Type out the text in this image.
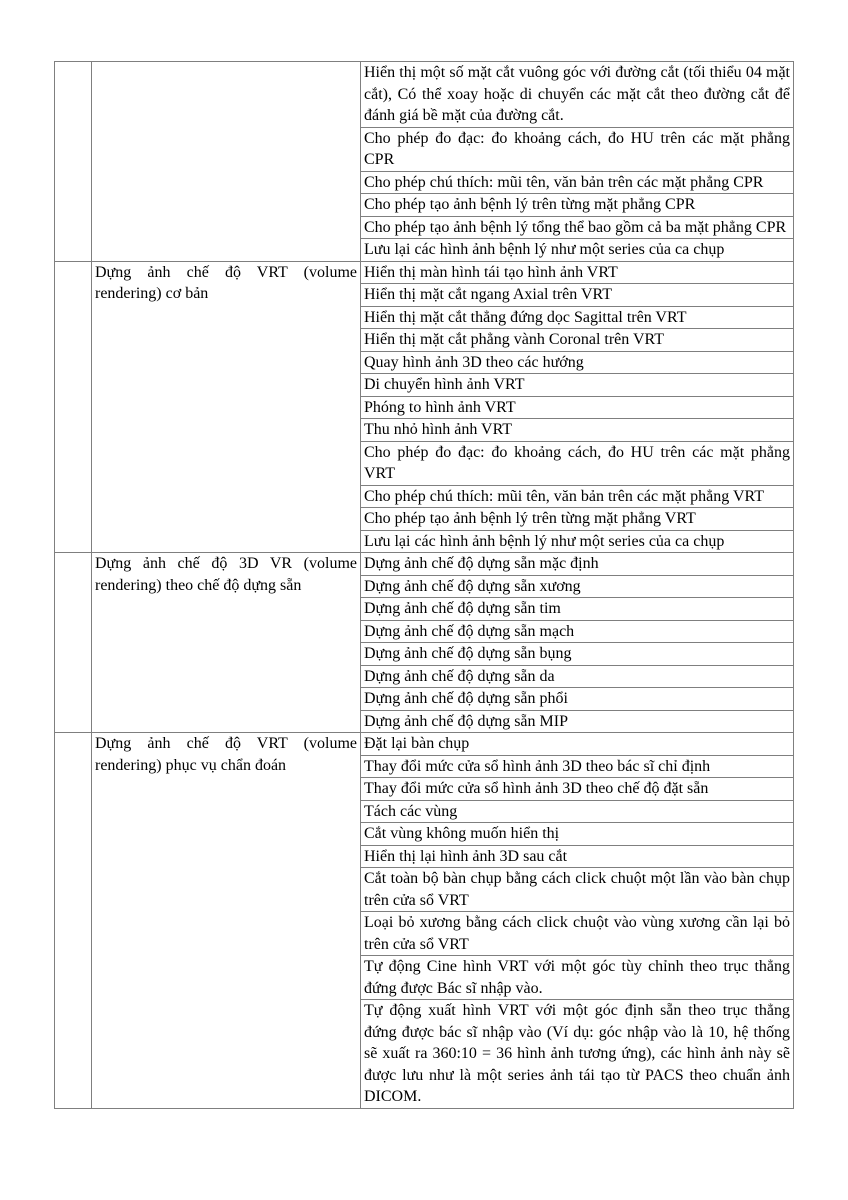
		Hiển thị một số mặt cắt vuông góc với đường cắt (tối thiểu 04 mặt cắt), Có thể xoay hoặc di chuyển các mặt cắt theo đường cắt để đánh giá bề mặt của đường cắt.
		Cho phép đo đạc: đo khoảng cách, đo HU trên các mặt phẳng CPR
		Cho phép chú thích: mũi tên, văn bản trên các mặt phẳng CPR
		Cho phép tạo ảnh bệnh lý trên từng mặt phẳng CPR
		Cho phép tạo ảnh bệnh lý tổng thể bao gồm cả ba mặt phẳng CPR
		Lưu lại các hình ảnh bệnh lý như một series của ca chụp
	Dựng ảnh chế độ VRT (volume rendering) cơ bản	Hiển thị màn hình tái tạo hình ảnh VRT
		Hiển thị mặt cắt ngang Axial trên VRT
		Hiển thị mặt cắt thẳng đứng dọc Sagittal trên VRT
		Hiển thị mặt cắt phẳng vành Coronal trên VRT
		Quay hình ảnh 3D theo các hướng
		Di chuyển hình ảnh VRT
		Phóng to hình ảnh VRT
		Thu nhỏ hình ảnh VRT
		Cho phép đo đạc: đo khoảng cách, đo HU trên các mặt phẳng VRT
		Cho phép chú thích: mũi tên, văn bản trên các mặt phẳng VRT
		Cho phép tạo ảnh bệnh lý trên từng mặt phẳng VRT
		Lưu lại các hình ảnh bệnh lý như một series của ca chụp
	Dựng ảnh chế độ 3D VR (volume rendering) theo chế độ dựng sẵn	Dựng ảnh chế độ dựng sẵn mặc định
		Dựng ảnh chế độ dựng sẵn xương
		Dựng ảnh chế độ dựng sẵn tim
		Dựng ảnh chế độ dựng sẵn mạch
		Dựng ảnh chế độ dựng sẵn bụng
		Dựng ảnh chế độ dựng sẵn da
		Dựng ảnh chế độ dựng sẵn phổi
		Dựng ảnh chế độ dựng sẵn MIP
	Dựng ảnh chế độ VRT (volume rendering) phục vụ chẩn đoán	Đặt lại bàn chụp
		Thay đổi mức cửa sổ hình ảnh 3D theo bác sĩ chỉ định
		Thay đổi mức cửa sổ hình ảnh 3D theo chế độ đặt sẵn
		Tách các vùng
		Cắt vùng không muốn hiển thị
		Hiển thị lại hình ảnh 3D sau cắt
		Cắt toàn bộ bàn chụp bằng cách click chuột một lần vào bàn chụp trên cửa sổ VRT
		Loại bỏ xương bằng cách click chuột vào vùng xương cần lại bỏ trên cửa sổ VRT
		Tự động Cine hình VRT với một góc tùy chỉnh theo trục thẳng đứng được Bác sĩ nhập vào.
		Tự động xuất hình VRT với một góc định sẵn theo trục thẳng đứng được bác sĩ nhập vào (Ví dụ: góc nhập vào là 10, hệ thống sẽ xuất ra 360:10 = 36 hình ảnh tương ứng), các hình ảnh này sẽ được lưu như là một series ảnh tái tạo từ PACS theo chuẩn ảnh DICOM.
